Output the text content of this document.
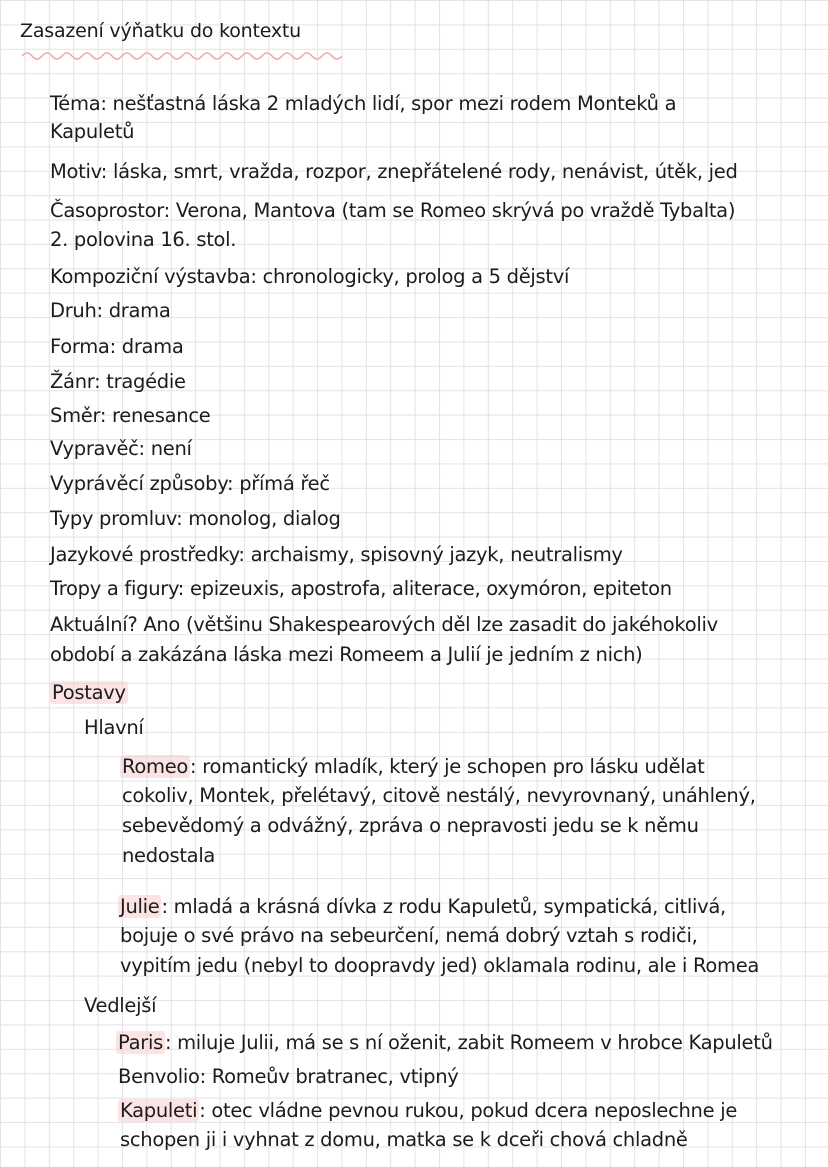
Zasazení výňatku do kontextu
Téma: nešťastná láska 2 mladých lidí, spor mezi rodem Monteků a
Kapuletů
Motiv: láska, smrt, vražda, rozpor, znepřátelené rody, nenávist, útěk, jed
Časoprostor: Verona, Mantova (tam se Romeo skrývá po vraždě Tybalta)
2. polovina 16. stol.
Kompoziční výstavba: chronologicky, prolog a 5 dějství
Druh: drama
Forma: drama
Žánr: tragédie
Směr: renesance
Vypravěč: není
Vyprávěcí způsoby: přímá řeč
Typy promluv: monolog, dialog
Jazykové prostředky: archaismy, spisovný jazyk, neutralismy
Tropy a figury: epizeuxis, apostrofa, aliterace, oxymóron, epiteton
Aktuální? Ano (většinu Shakespearových děl lze zasadit do jakéhokoliv
období a zakázána láska mezi Romeem a Julií je jedním z nich)
Postavy
Hlavní
Romeo : romantický mladík, který je schopen pro lásku udělat
cokoliv, Montek, přelétavý, citově nestálý, nevyrovnaný, unáhlený,
sebevědomý a odvážný, zpráva o nepravosti jedu se k němu
nedostala
Julie : mladá a krásná dívka z rodu Kapuletů, sympatická, citlivá,
bojuje o své právo na sebeurčení, nemá dobrý vztah s rodiči,
vypitím jedu (nebyl to doopravdy jed) oklamala rodinu, ale i Romea
Vedlejší
Paris : miluje Julii, má se s ní oženit, zabit Romeem v hrobce Kapuletů
Benvolio: Romeův bratranec, vtipný
Kapuleti : otec vládne pevnou rukou, pokud dcera neposlechne je
schopen ji i vyhnat z domu, matka se k dceři chová chladně
